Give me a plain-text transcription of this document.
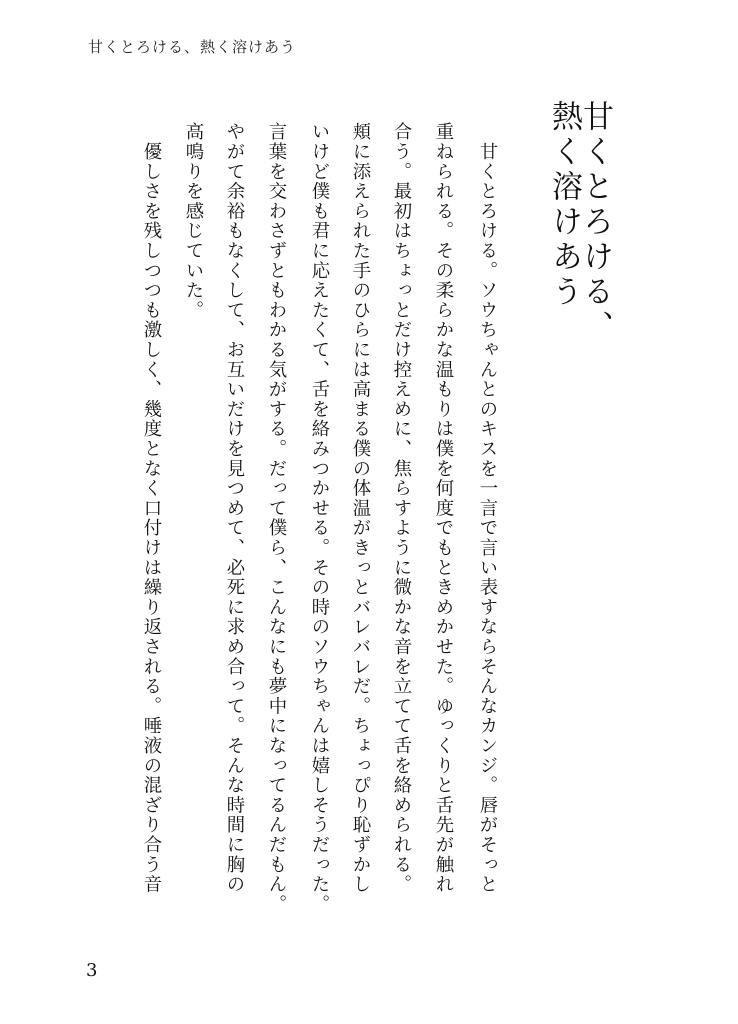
甘くとろける、熱く溶けあう
甘くとろける、
熱く溶けあう
　甘くとろける。ソウちゃんとのキスを一言で言い表すならそんなカンジ。唇がそっと
重ねられる。その柔らかな温もりは僕を何度でもときめかせた。ゆっくりと舌先が触れ
合う。最初はちょっとだけ控えめに、焦らすように微かな音を立てて舌を絡められる。
頬に添えられた手のひらには高まる僕の体温がきっとバレバレだ。ちょっぴり恥ずかし
いけど僕も君に応えたくて、舌を絡みつかせる。その時のソウちゃんは嬉しそうだった。
言葉を交わさずともわかる気がする。だって僕ら、こんなにも夢中になってるんだもん。
やがて余裕もなくして、お互いだけを見つめて、必死に求め合って。そんな時間に胸の
高鳴りを感じていた。
　優しさを残しつつも激しく、幾度となく口付けは繰り返される。唾液の混ざり合う音
3
